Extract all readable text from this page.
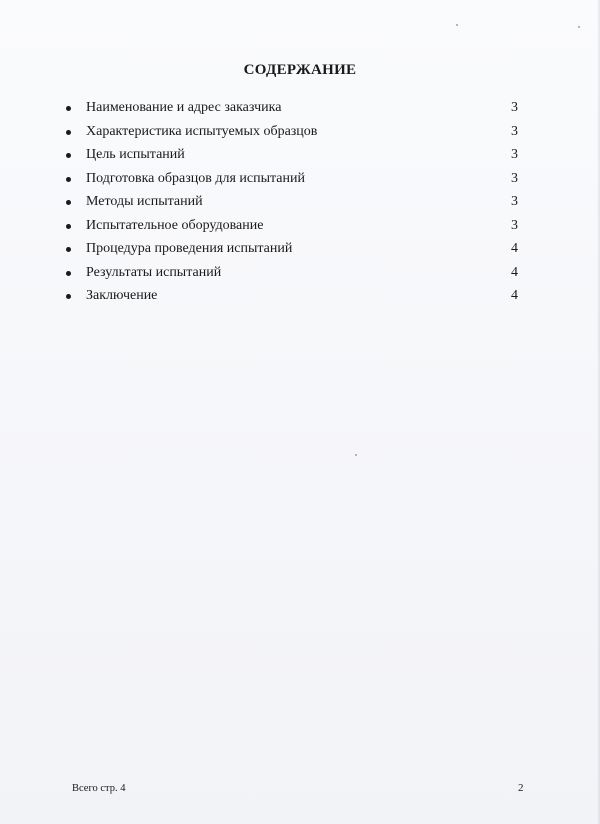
СОДЕРЖАНИЕ
Наименование и адрес заказчика	3
Характеристика испытуемых образцов	3
Цель испытаний	3
Подготовка образцов для испытаний	3
Методы испытаний	3
Испытательное оборудование	3
Процедура проведения испытаний	4
Результаты испытаний	4
Заключение	4
Всего стр. 4	2
